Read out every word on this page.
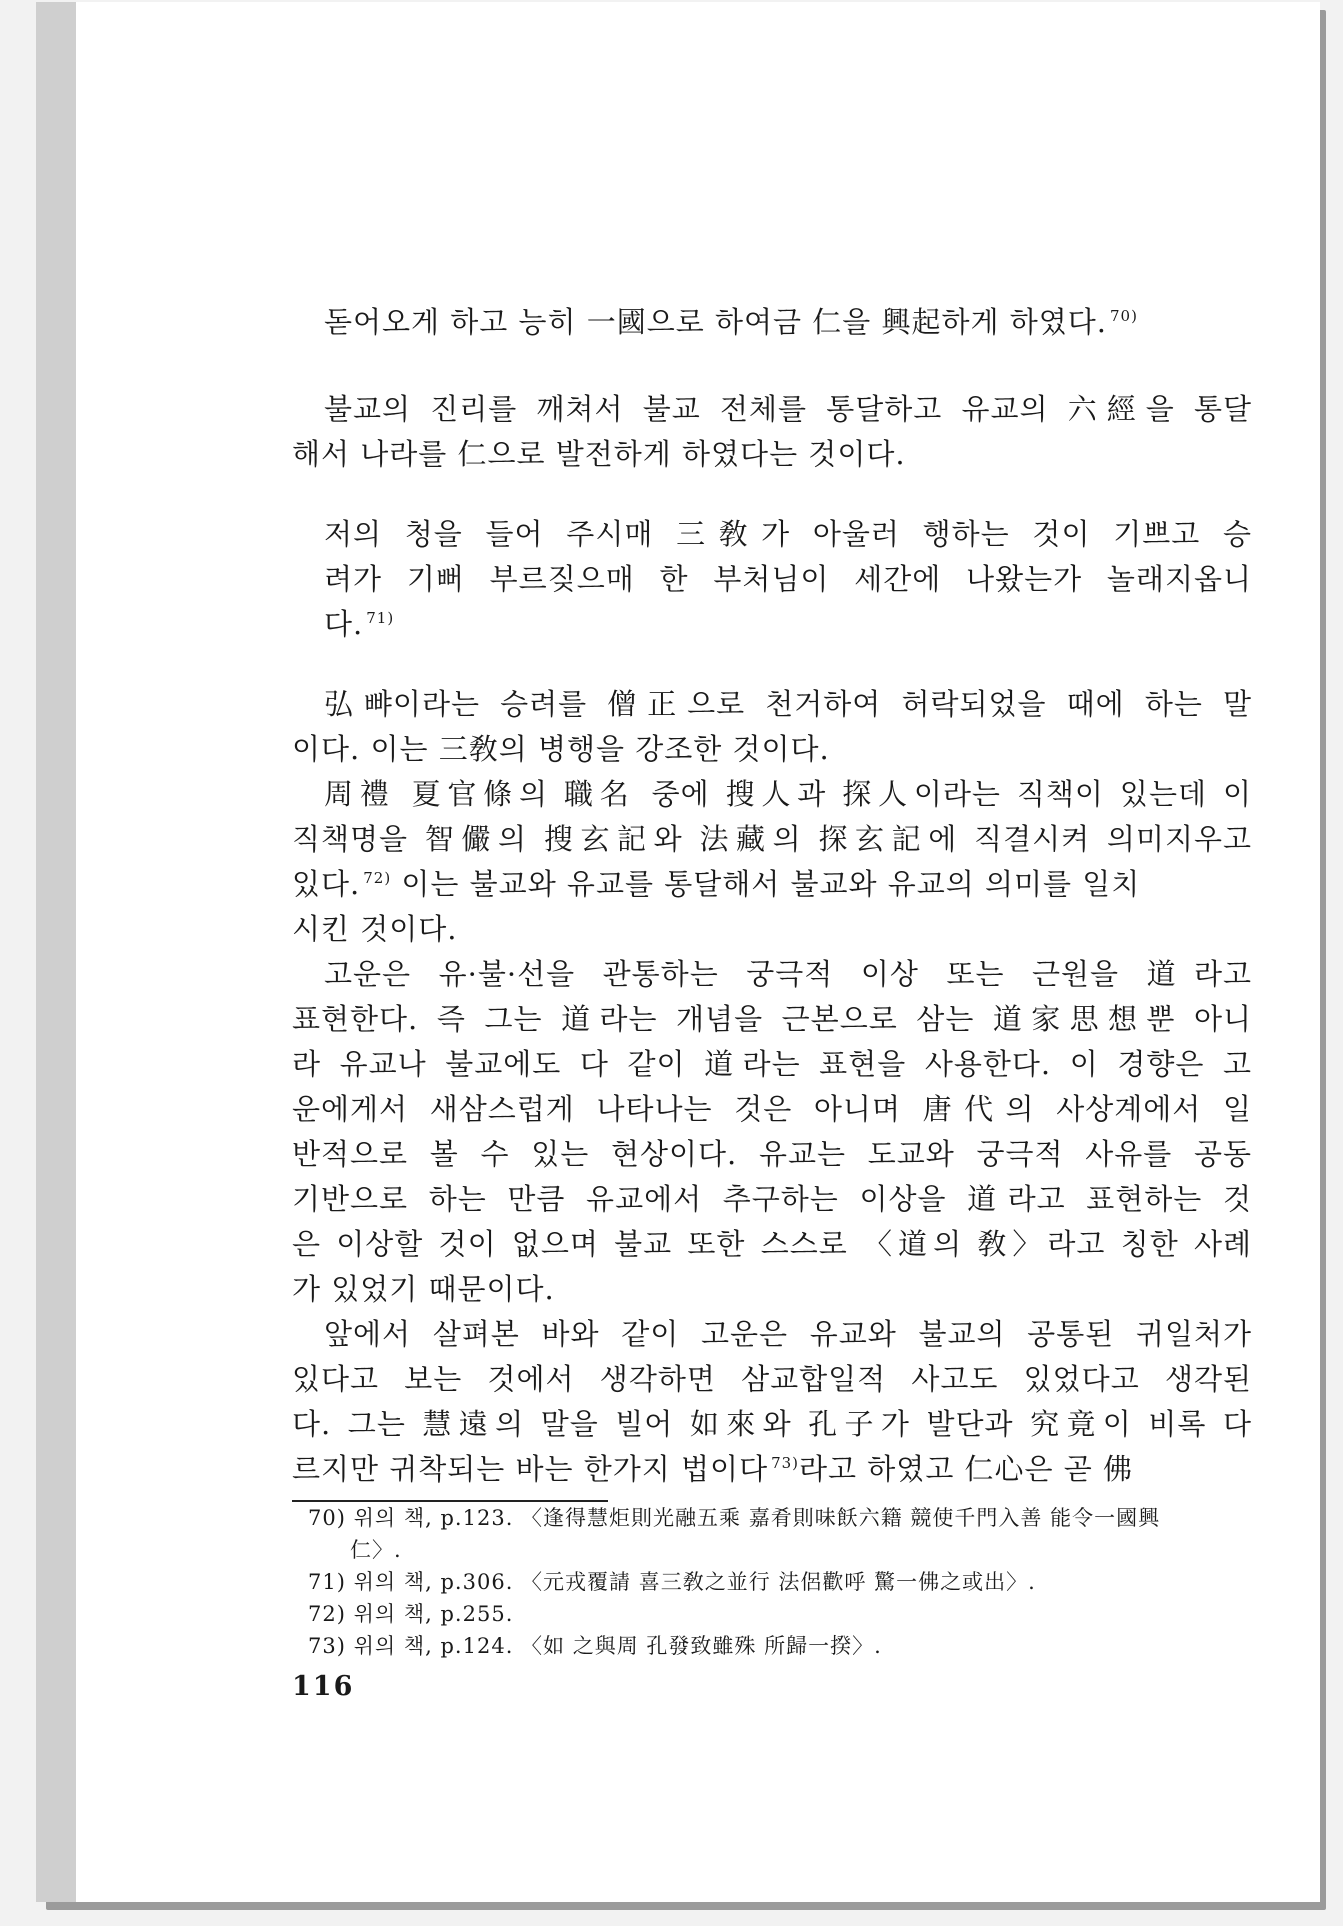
돋어오게 하고 능히 一國으로 하여금 仁을 興起하게 하였다. $^{70)}$
불교의 진리를 깨쳐서 불교 전체를 통달하고 유교의 六經을 통달
해서 나라를 仁으로 발전하게 하였다는 것이다.
저의 청을 들어 주시매 三敎가 아울러 행하는 것이 기쁘고 승
려가 기뻐 부르짖으매 한 부처님이 세간에 나왔는가 놀래지옵니
다. $^{71)}$
弘뺘이라는 승려를 僧正으로 천거하여 허락되었을 때에 하는 말
이다. 이는 三敎의 병행을 강조한 것이다.
周禮 夏官條의 職名 중에 搜人과 探人이라는 직책이 있는데 이
직책명을 智儼의 搜玄記와 法藏의 探玄記에 직결시켜 의미지우고
있다. $^{72)}$ 이는 불교와 유교를 통달해서 불교와 유교의 의미를 일치
시킨 것이다.
고운은 유·불·선을 관통하는 궁극적 이상 또는 근원을 道라고
표현한다. 즉 그는 道라는 개념을 근본으로 삼는 道家思想뿐 아니
라 유교나 불교에도 다 같이 道라는 표현을 사용한다. 이 경향은 고
운에게서 새삼스럽게 나타나는 것은 아니며 唐代의 사상계에서 일
반적으로 볼 수 있는 현상이다. 유교는 도교와 궁극적 사유를 공동
기반으로 하는 만큼 유교에서 추구하는 이상을 道라고 표현하는 것
은 이상할 것이 없으며 불교 또한 스스로 〈道의 敎〉라고 칭한 사례
가 있었기 때문이다.
앞에서 살펴본 바와 같이 고운은 유교와 불교의 공통된 귀일처가
있다고 보는 것에서 생각하면 삼교합일적 사고도 있었다고 생각된
다. 그는 慧遠의 말을 빌어 如來와 孔子가 발단과 究竟이 비록 다
르지만 귀착되는 바는 한가지 법이다 $^{73)}$라고 하였고 仁心은 곧 佛
70) 위의 책, p.123. 〈逢得慧炬則光融五乘 嘉肴則味飫六籍 競使千門入善 能令一國興
仁〉.
71) 위의 책, p.306. 〈元戎覆請 喜三敎之並行 法侶歡呼 驚一佛之或出〉.
72) 위의 책, p.255.
73) 위의 책, p.124. 〈如 之與周 孔發致雖殊 所歸一揆〉.
116
